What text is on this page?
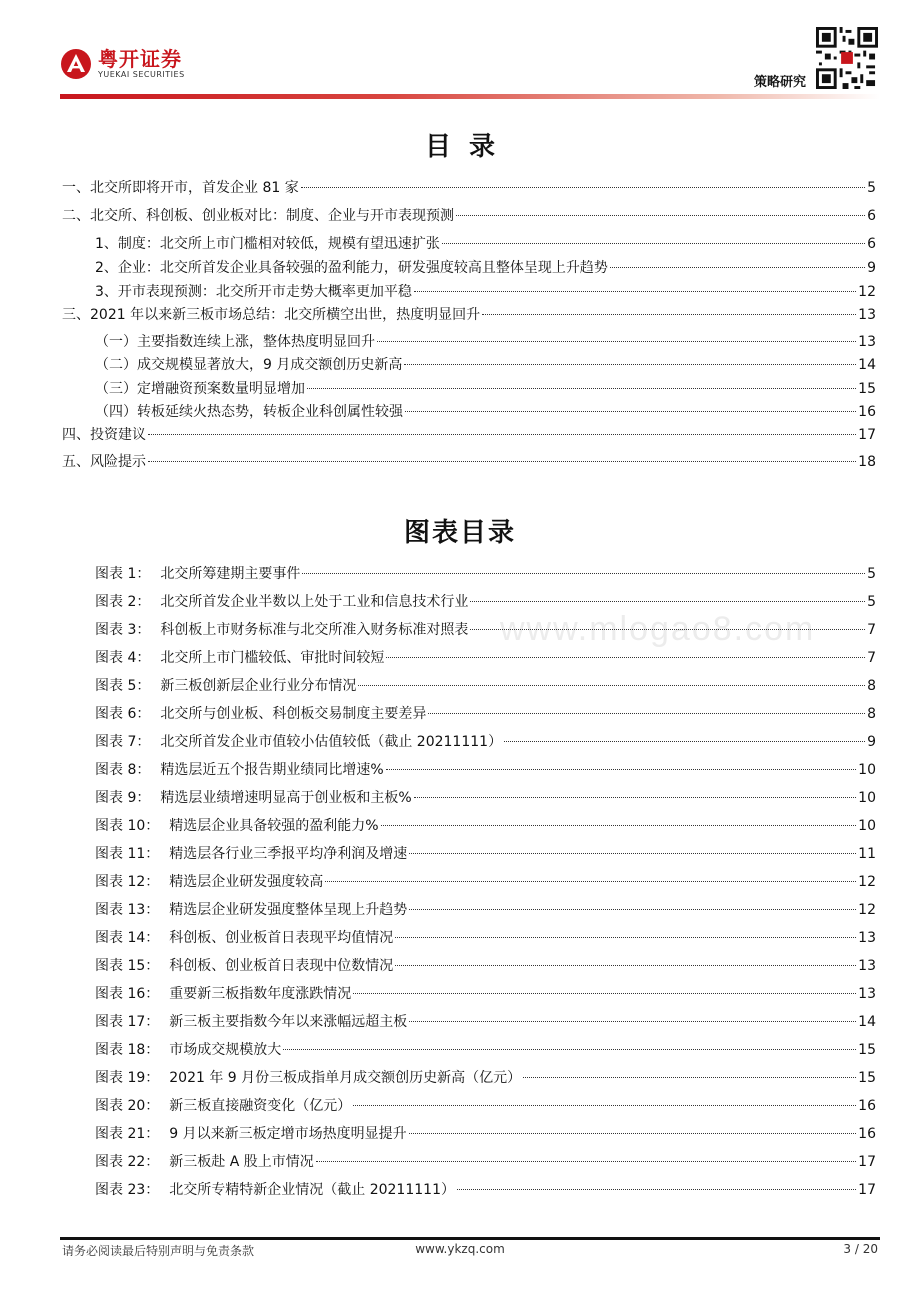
粤开证券
YUEKAI SECURITIES
策略研究
目录
一、北交所即将开市，首发企业 81 家	5
二、北交所、科创板、创业板对比：制度、企业与开市表现预测	6
1、制度：北交所上市门槛相对较低，规模有望迅速扩张	6
2、企业：北交所首发企业具备较强的盈利能力，研发强度较高且整体呈现上升趋势	9
3、开市表现预测：北交所开市走势大概率更加平稳	12
三、2021 年以来新三板市场总结：北交所横空出世，热度明显回升	13
（一）主要指数连续上涨，整体热度明显回升	13
（二）成交规模显著放大，9 月成交额创历史新高	14
（三）定增融资预案数量明显增加	15
（四）转板延续火热态势，转板企业科创属性较强	16
四、投资建议	17
五、风险提示	18
图表目录
www.mlogao8.com
图表 1： 北交所筹建期主要事件	5
图表 2： 北交所首发企业半数以上处于工业和信息技术行业	5
图表 3： 科创板上市财务标准与北交所准入财务标准对照表	7
图表 4： 北交所上市门槛较低、审批时间较短	7
图表 5： 新三板创新层企业行业分布情况	8
图表 6： 北交所与创业板、科创板交易制度主要差异	8
图表 7： 北交所首发企业市值较小估值较低（截止 20211111）	9
图表 8： 精选层近五个报告期业绩同比增速%	10
图表 9： 精选层业绩增速明显高于创业板和主板%	10
图表 10： 精选层企业具备较强的盈利能力%	10
图表 11： 精选层各行业三季报平均净利润及增速	11
图表 12： 精选层企业研发强度较高	12
图表 13： 精选层企业研发强度整体呈现上升趋势	12
图表 14： 科创板、创业板首日表现平均值情况	13
图表 15： 科创板、创业板首日表现中位数情况	13
图表 16： 重要新三板指数年度涨跌情况	13
图表 17： 新三板主要指数今年以来涨幅远超主板	14
图表 18： 市场成交规模放大	15
图表 19： 2021 年 9 月份三板成指单月成交额创历史新高（亿元）	15
图表 20： 新三板直接融资变化（亿元）	16
图表 21： 9 月以来新三板定增市场热度明显提升	16
图表 22： 新三板赴 A 股上市情况	17
图表 23： 北交所专精特新企业情况（截止 20211111）	17
请务必阅读最后特别声明与免责条款	www.ykzq.com	3 / 20
